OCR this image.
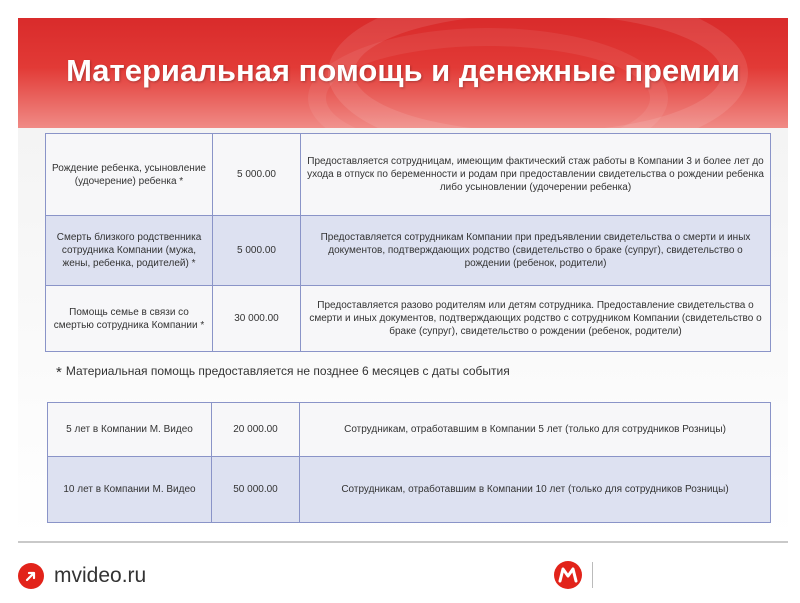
Материальная помощь и денежные премии
Рождение ребенка, усыновление (удочерение) ребенка *	5 000.00	Предоставляется сотрудницам, имеющим фактический стаж работы в Компании 3 и более лет до ухода в отпуск по беременности и родам при предоставлении свидетельства о рождении ребенка либо усыновлении (удочерении ребенка)
Смерть близкого родственника сотрудника Компании (мужа, жены, ребенка, родителей) *	5 000.00	Предоставляется сотрудникам Компании при предъявлении свидетельства о смерти и иных документов, подтверждающих родство (свидетельство о браке (супруг), свидетельство о рождении (ребенок, родители)
Помощь семье в связи со смертью сотрудника Компании *	30 000.00	Предоставляется разово родителям или детям сотрудника. Предоставление свидетельства о смерти и иных документов, подтверждающих родство с сотрудником Компании (свидетельство о браке (супруг), свидетельство о рождении (ребенок, родители)
* Материальная помощь предоставляется не позднее 6 месяцев с даты события
5 лет в Компании М. Видео	20 000.00	Сотрудникам, отработавшим в Компании 5 лет (только для сотрудников Розницы)
10 лет в Компании М. Видео	50 000.00	Сотрудникам, отработавшим в Компании 10 лет (только для сотрудников Розницы)
mvideo.ru
